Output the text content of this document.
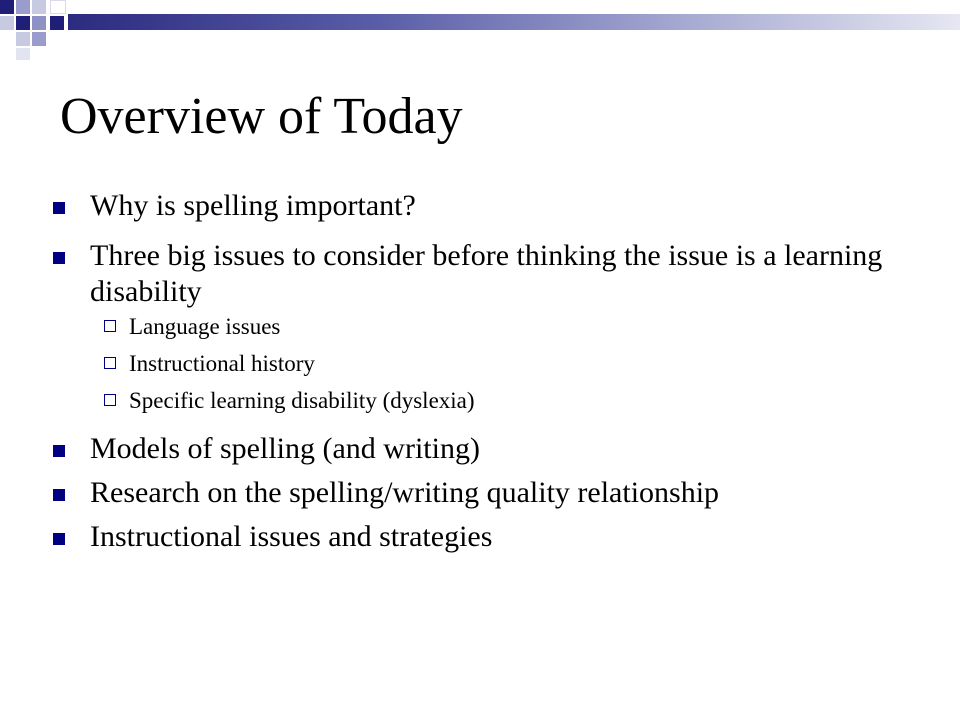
Overview of Today
Why is spelling important?
Three big issues to consider before thinking the issue is a learning disability
Language issues
Instructional history
Specific learning disability (dyslexia)
Models of spelling (and writing)
Research on the spelling/writing quality relationship
Instructional issues and strategies
